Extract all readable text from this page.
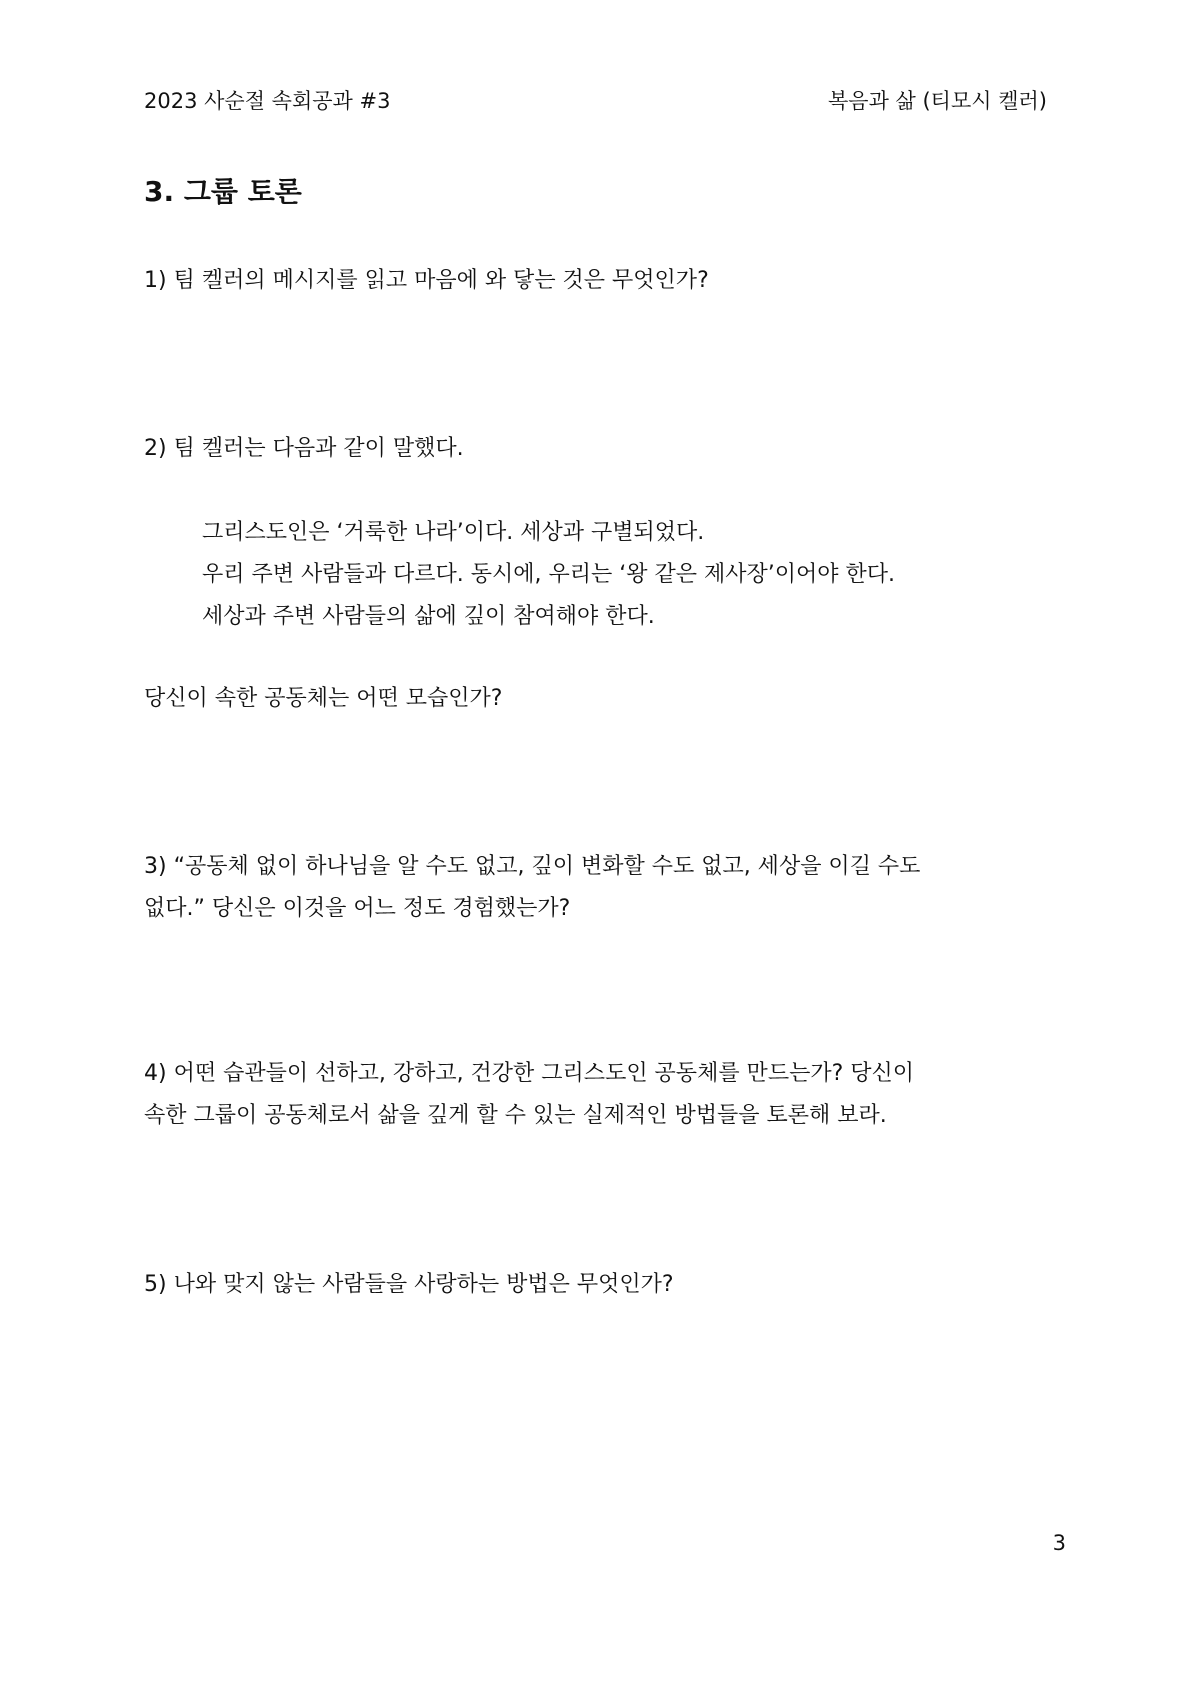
2023 사순절 속회공과 #3	복음과 삶 (티모시 켈러)
3. 그룹 토론

1) 팀 켈러의 메시지를 읽고 마음에 와 닿는 것은 무엇인가?

2) 팀 켈러는 다음과 같이 말했다.

그리스도인은 ‘거룩한 나라’이다. 세상과 구별되었다.
우리 주변 사람들과 다르다. 동시에, 우리는 ‘왕 같은 제사장’이어야 한다.
세상과 주변 사람들의 삶에 깊이 참여해야 한다.

당신이 속한 공동체는 어떤 모습인가?

3) “공동체 없이 하나님을 알 수도 없고, 깊이 변화할 수도 없고, 세상을 이길 수도
없다.” 당신은 이것을 어느 정도 경험했는가?

4) 어떤 습관들이 선하고, 강하고, 건강한 그리스도인 공동체를 만드는가? 당신이
속한 그룹이 공동체로서 삶을 깊게 할 수 있는 실제적인 방법들을 토론해 보라.

5) 나와 맞지 않는 사람들을 사랑하는 방법은 무엇인가?

3
